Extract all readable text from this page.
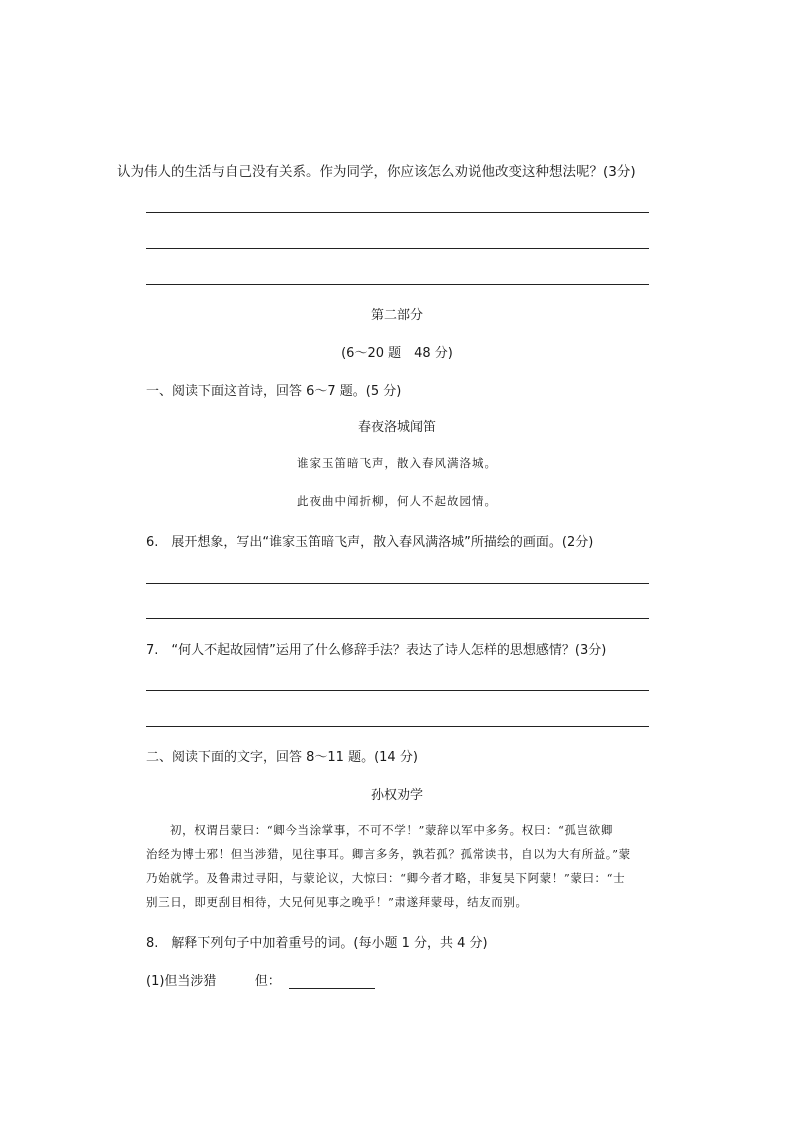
认为伟人的生活与自己没有关系。作为同学，你应该怎么劝说他改变这种想法呢？(3分)
第二部分
(6～20 题　48 分)
一、阅读下面这首诗，回答 6～7 题。(5 分)
春夜洛城闻笛
谁家玉笛暗飞声，散入春风满洛城。
此夜曲中闻折柳，何人不起故园情。
6.　展开想象，写出“谁家玉笛暗飞声，散入春风满洛城”所描绘的画面。(2分)
7.　“何人不起故园情”运用了什么修辞手法？表达了诗人怎样的思想感情？(3分)
二、阅读下面的文字，回答 8～11 题。(14 分)
孙权劝学
初，权谓吕蒙曰：“卿今当涂掌事，不可不学！”蒙辞以军中多务。权曰：“孤岂欲卿
治经为博士邪！但当涉猎，见往事耳。卿言多务，孰若孤？孤常读书，自以为大有所益。”蒙
乃始就学。及鲁肃过寻阳，与蒙论议，大惊曰：“卿今者才略，非复吴下阿蒙！”蒙曰：“士
别三日，即更刮目相待，大兄何见事之晚乎！”肃遂拜蒙母，结友而别。
8.　解释下列句子中加着重号的词。(每小题 1 分，共 4 分)
(1)但当涉猎	但：
